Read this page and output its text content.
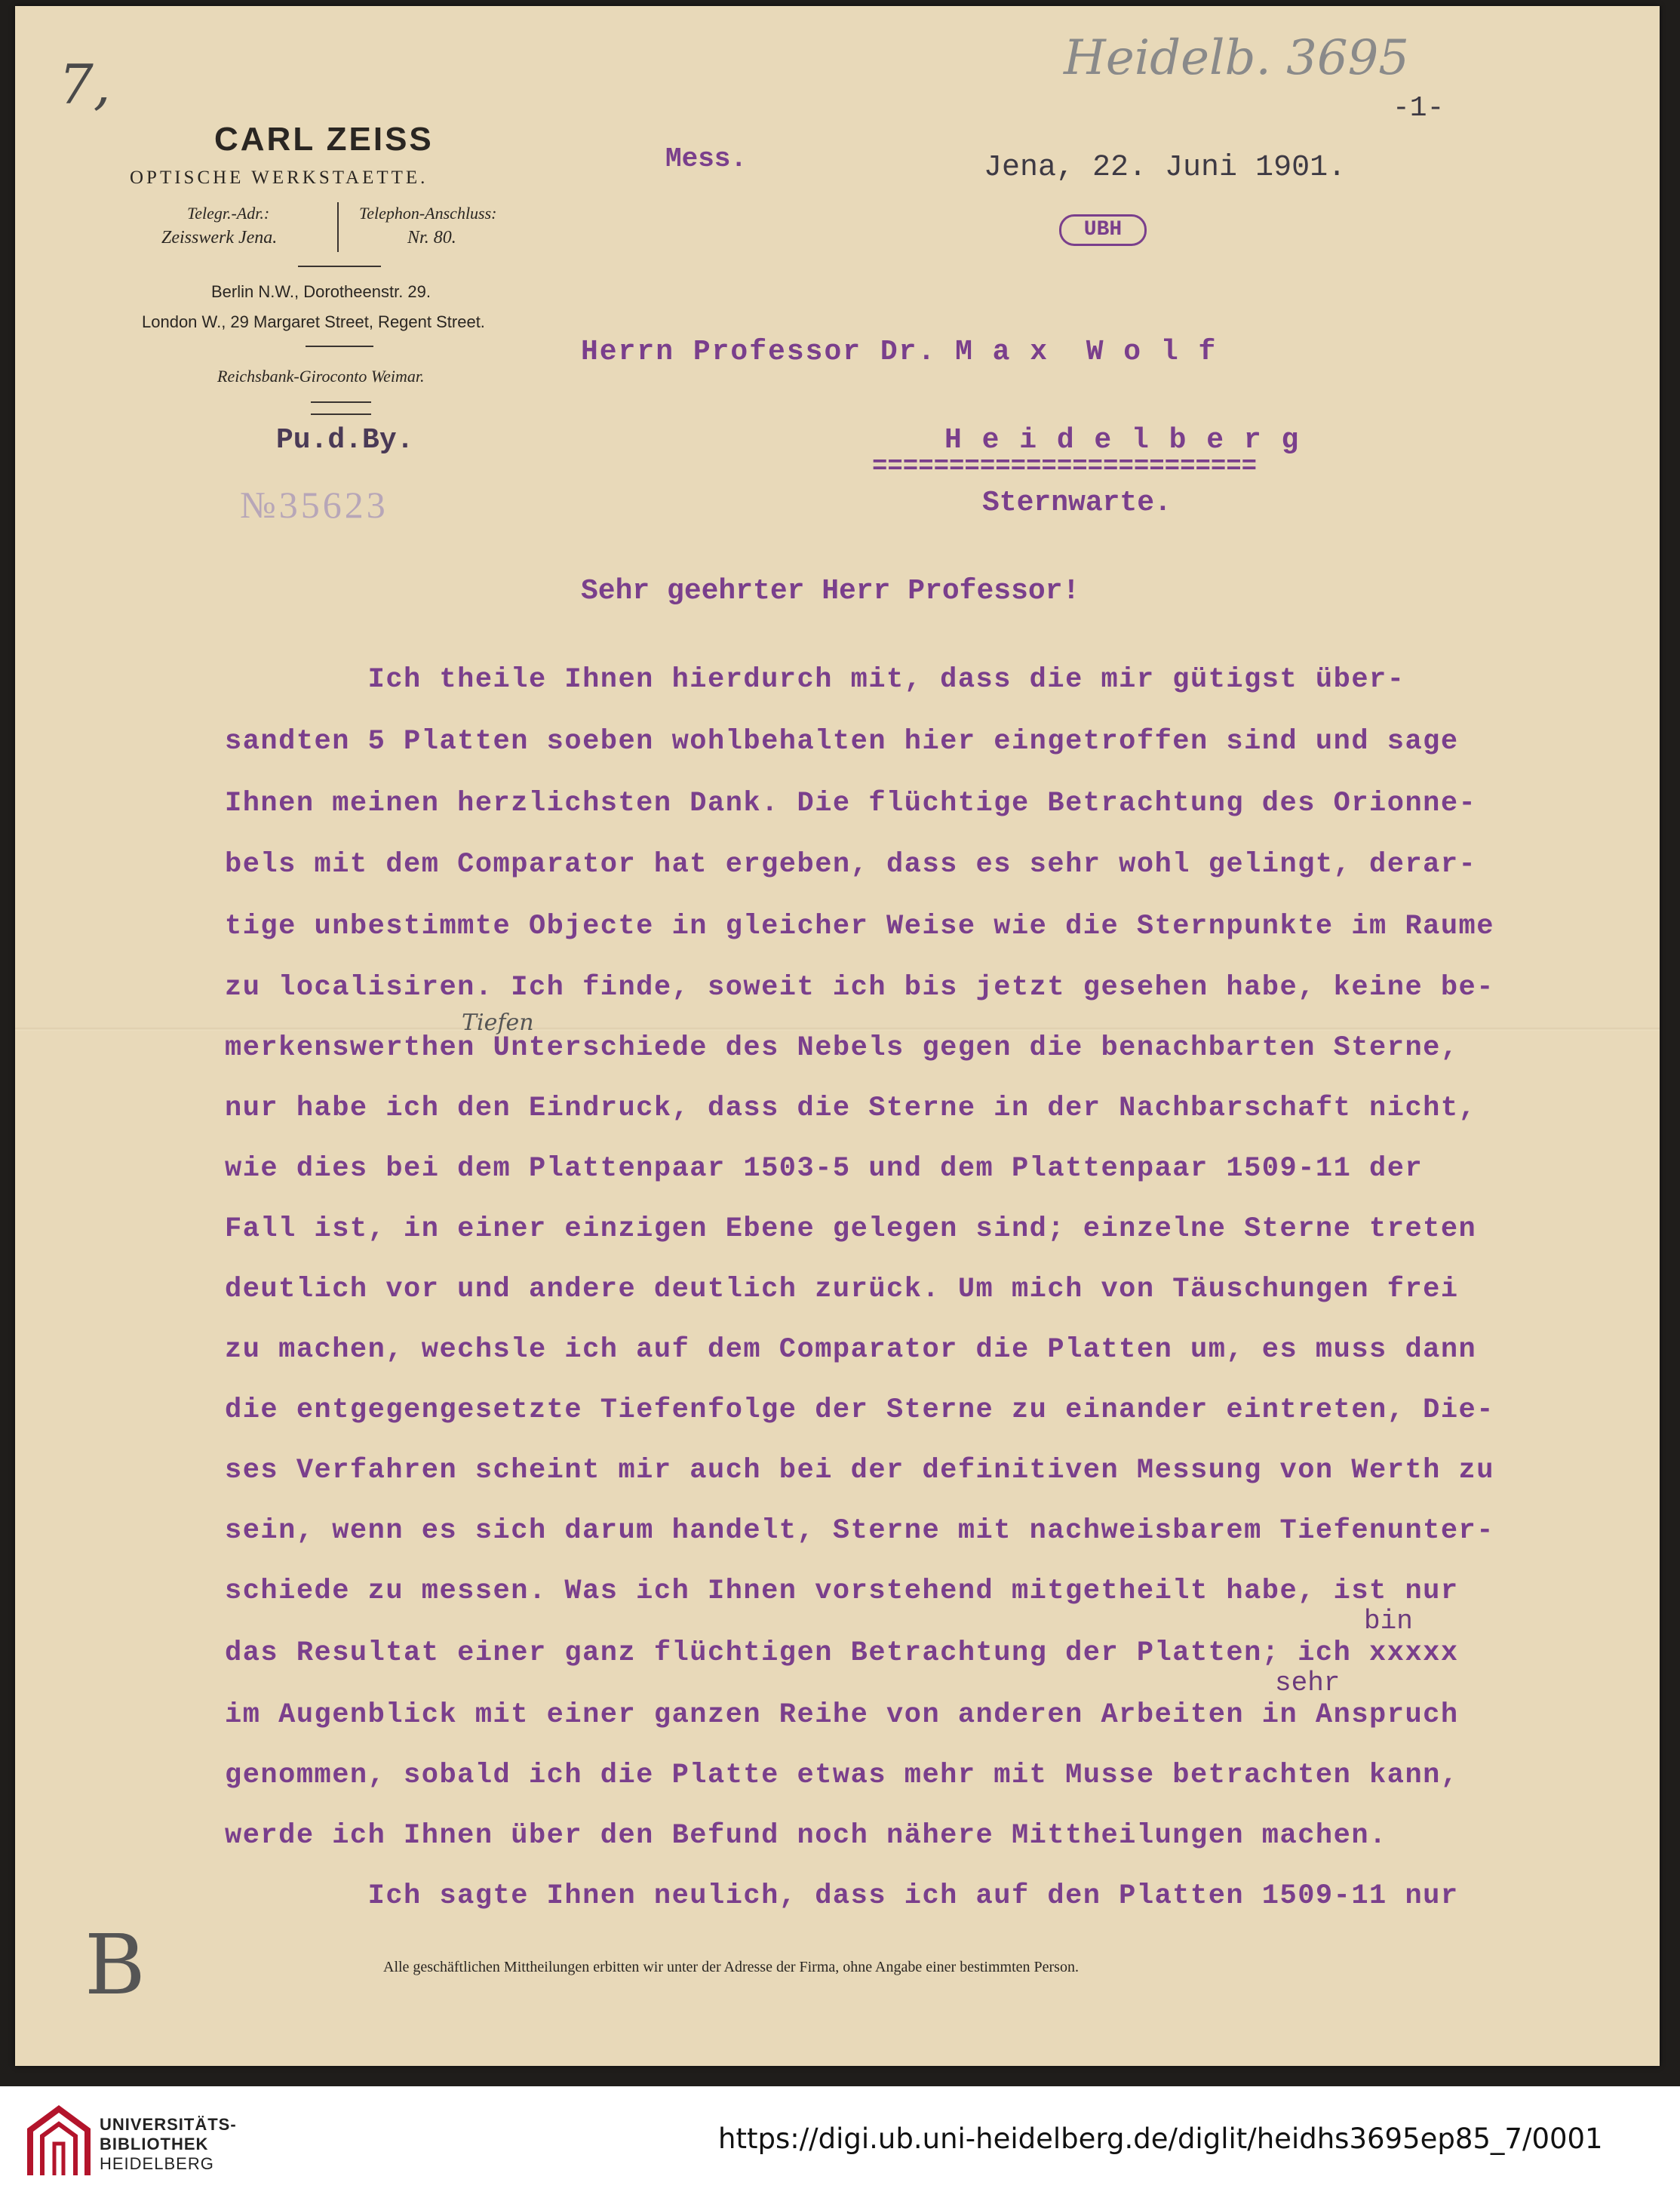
7,	Heidelb. 3695
CARL ZEISS
OPTISCHE WERKSTAETTE.
Telegr.-Adr.:
Zeisswerk Jena.
Telephon-Anschluss:
Nr. 80.
Berlin N.W., Dorotheenstr. 29.
London W., 29 Margaret Street, Regent Street.
Reichsbank-Giroconto Weimar.
Mess.	Jena, 22. Juni 1901.
-1-
UBH
Pu.d.By.
№35623
Herrn Professor Dr. M a x  W o l f
H e i d e l b e r g
=========================
Sternwarte.
Sehr geehrter Herr Professor!
Ich theile Ihnen hierdurch mit, dass die mir gütigst über-
sandten 5 Platten soeben wohlbehalten hier eingetroffen sind und sage
Ihnen meinen herzlichsten Dank. Die flüchtige Betrachtung des Orionne-
bels mit dem Comparator hat ergeben, dass es sehr wohl gelingt, derar-
tige unbestimmte Objecte in gleicher Weise wie die Sternpunkte im Raume
zu localisiren. Ich finde, soweit ich bis jetzt gesehen habe, keine be-
merkenswerthen Unterschiede des Nebels gegen die benachbarten Sterne,
nur habe ich den Eindruck, dass die Sterne in der Nachbarschaft nicht,
wie dies bei dem Plattenpaar 1503-5 und dem Plattenpaar 1509-11 der
Fall ist, in einer einzigen Ebene gelegen sind; einzelne Sterne treten
deutlich vor und andere deutlich zurück. Um mich von Täuschungen frei
zu machen, wechsle ich auf dem Comparator die Platten um, es muss dann
die entgegengesetzte Tiefenfolge der Sterne zu einander eintreten, Die-
ses Verfahren scheint mir auch bei der definitiven Messung von Werth zu
sein, wenn es sich darum handelt, Sterne mit nachweisbarem Tiefenunter-
schiede zu messen. Was ich Ihnen vorstehend mitgetheilt habe, ist nur
das Resultat einer ganz flüchtigen Betrachtung der Platten; ich xxxxx
im Augenblick mit einer ganzen Reihe von anderen Arbeiten in Anspruch
genommen, sobald ich die Platte etwas mehr mit Musse betrachten kann,
werde ich Ihnen über den Befund noch nähere Mittheilungen machen.
Ich sagte Ihnen neulich, dass ich auf den Platten 1509-11 nur
Tiefen
bin
sehr
Alle geschäftlichen Mittheilungen erbitten wir unter der Adresse der Firma, ohne Angabe einer bestimmten Person.
B
UNIVERSITÄTS-
BIBLIOTHEK
HEIDELBERG
https://digi.ub.uni-heidelberg.de/diglit/heidhs3695ep85_7/0001
